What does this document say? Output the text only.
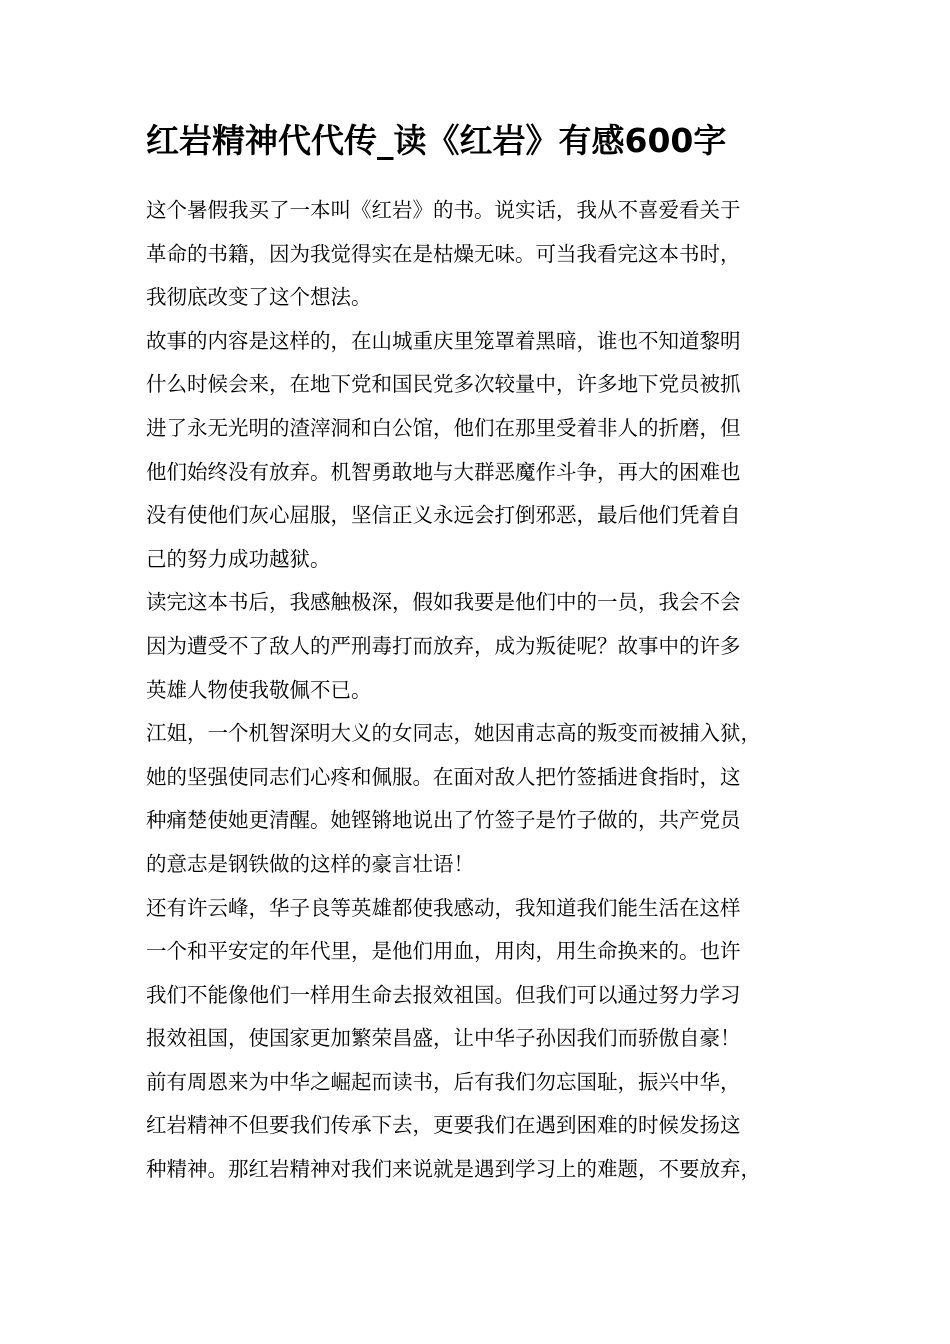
红岩精神代代传_读《红岩》有感600字
这个暑假我买了一本叫《红岩》的书。说实话，我从不喜爱看关于
革命的书籍，因为我觉得实在是枯燥无味。可当我看完这本书时，
我彻底改变了这个想法。
故事的内容是这样的，在山城重庆里笼罩着黑暗，谁也不知道黎明
什么时候会来，在地下党和国民党多次较量中，许多地下党员被抓
进了永无光明的渣滓洞和白公馆，他们在那里受着非人的折磨，但
他们始终没有放弃。机智勇敢地与大群恶魔作斗争，再大的困难也
没有使他们灰心屈服，坚信正义永远会打倒邪恶，最后他们凭着自
己的努力成功越狱。
读完这本书后，我感触极深，假如我要是他们中的一员，我会不会
因为遭受不了敌人的严刑毒打而放弃，成为叛徒呢？故事中的许多
英雄人物使我敬佩不已。
江姐，一个机智深明大义的女同志，她因甫志高的叛变而被捕入狱，
她的坚强使同志们心疼和佩服。在面对敌人把竹签插进食指时，这
种痛楚使她更清醒。她铿锵地说出了竹签子是竹子做的，共产党员
的意志是钢铁做的这样的豪言壮语！
还有许云峰，华子良等英雄都使我感动，我知道我们能生活在这样
一个和平安定的年代里，是他们用血，用肉，用生命换来的。也许
我们不能像他们一样用生命去报效祖国。但我们可以通过努力学习
报效祖国，使国家更加繁荣昌盛，让中华子孙因我们而骄傲自豪！
前有周恩来为中华之崛起而读书，后有我们勿忘国耻，振兴中华，
红岩精神不但要我们传承下去，更要我们在遇到困难的时候发扬这
种精神。那红岩精神对我们来说就是遇到学习上的难题，不要放弃，
